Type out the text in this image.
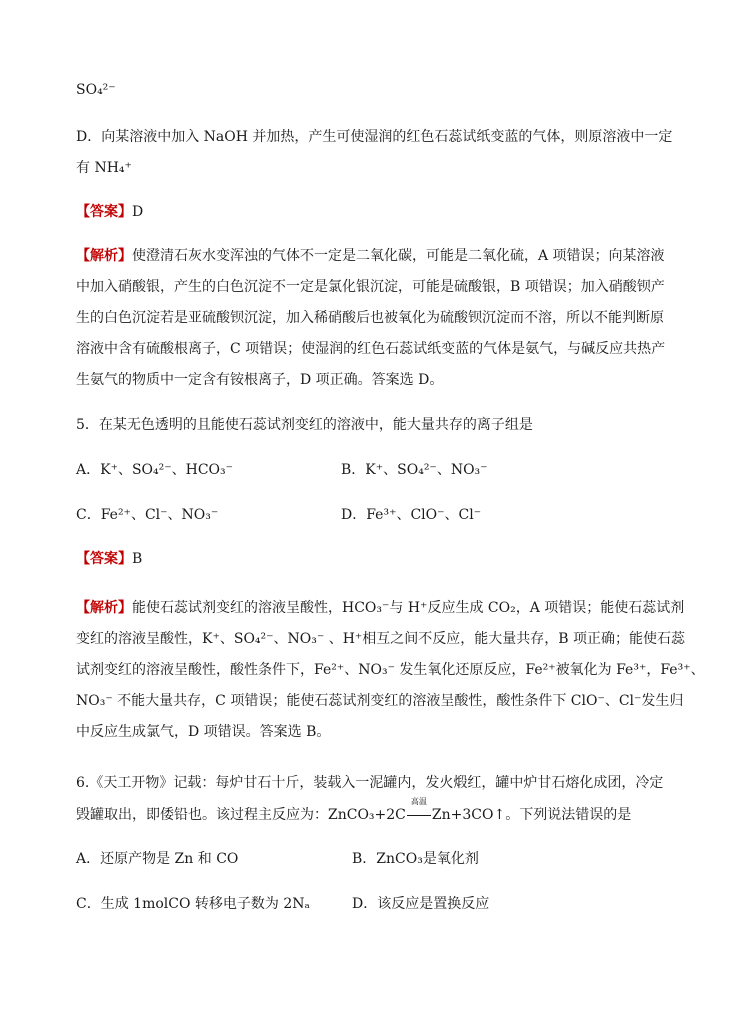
SO₄²⁻
D．向某溶液中加入 NaOH 并加热，产生可使湿润的红色石蕊试纸变蓝的气体，则原溶液中一定
有 NH₄⁺
【答案】D
【解析】使澄清石灰水变浑浊的气体不一定是二氧化碳，可能是二氧化硫，A 项错误；向某溶液
中加入硝酸银，产生的白色沉淀不一定是氯化银沉淀，可能是硫酸银，B 项错误；加入硝酸钡产
生的白色沉淀若是亚硫酸钡沉淀，加入稀硝酸后也被氧化为硫酸钡沉淀而不溶，所以不能判断原
溶液中含有硫酸根离子，C 项错误；使湿润的红色石蕊试纸变蓝的气体是氨气，与碱反应共热产
生氨气的物质中一定含有铵根离子，D 项正确。答案选 D。
5．在某无色透明的且能使石蕊试剂变红的溶液中，能大量共存的离子组是
A．K⁺、SO₄²⁻、HCO₃⁻	B．K⁺、SO₄²⁻、NO₃⁻
C．Fe²⁺、Cl⁻、NO₃⁻	D．Fe³⁺、ClO⁻、Cl⁻
【答案】B
【解析】能使石蕊试剂变红的溶液呈酸性，HCO₃⁻与 H⁺反应生成 CO₂，A 项错误；能使石蕊试剂
变红的溶液呈酸性，K⁺、SO₄²⁻、NO₃⁻ 、H⁺相互之间不反应，能大量共存，B 项正确；能使石蕊
试剂变红的溶液呈酸性，酸性条件下，Fe²⁺、NO₃⁻ 发生氧化还原反应，Fe²⁺被氧化为 Fe³⁺，Fe³⁺、
NO₃⁻ 不能大量共存，C 项错误；能使石蕊试剂变红的溶液呈酸性，酸性条件下 ClO⁻、Cl⁻发生归
中反应生成氯气，D 项错误。答案选 B。
6.《天工开物》记载：每炉甘石十斤，装载入一泥罐内，发火煅红，罐中炉甘石熔化成团，冷定
毁罐取出，即倭铅也。该过程主反应为：ZnCO₃+2C
高温
Zn+3CO↑。下列说法错误的是
A．还原产物是 Zn 和 CO	B．ZnCO₃是氧化剂
C．生成 1molCO 转移电子数为 2Nₐ	D．该反应是置换反应
